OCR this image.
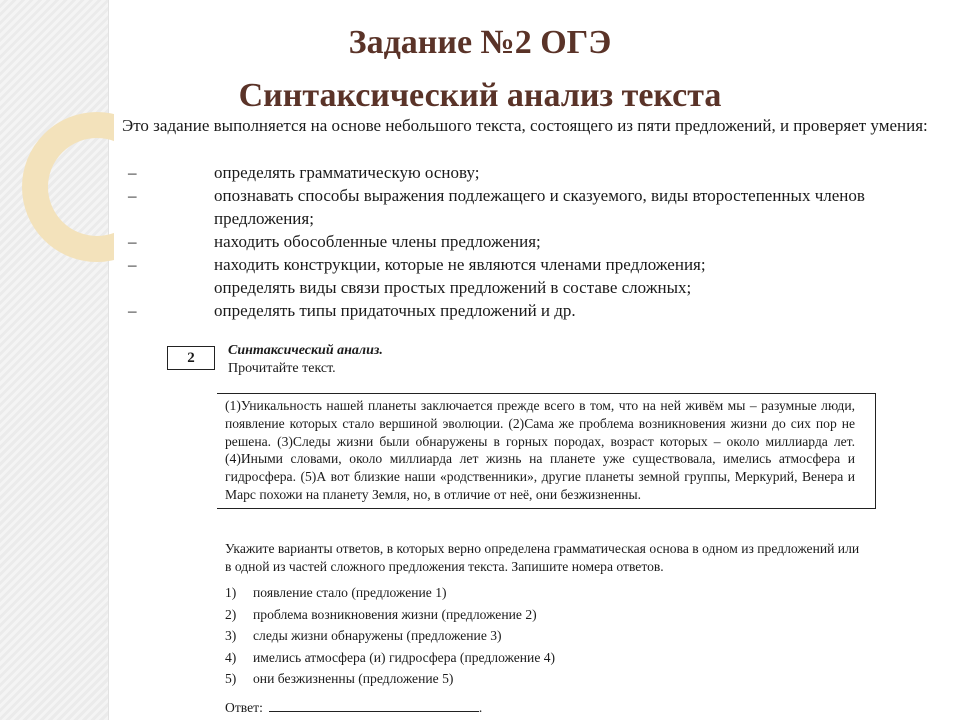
Задание №2 ОГЭ
Синтаксический анализ текста

Это задание выполняется на основе небольшого текста, состоящего из пяти предложений, и проверяет умения:

–	определять грамматическую основу;
–	опознавать способы выражения подлежащего и сказуемого, виды второстепенных членов предложения;
–	находить обособленные члены предложения;
–	находить конструкции, которые не являются членами предложения;
определять виды связи простых предложений в составе сложных;
–	определять типы придаточных предложений и др.
2	Синтаксический анализ.
Прочитайте текст.

(1)Уникальность нашей планеты заключается прежде всего в том, что на ней живём мы – разумные люди, появление которых стало вершиной эволюции. (2)Сама же проблема возникновения жизни до сих пор не решена. (3)Следы жизни были обнаружены в горных породах, возраст которых – около миллиарда лет. (4)Иными словами, около миллиарда лет жизнь на планете уже существовала, имелись атмосфера и гидросфера. (5)А вот близкие наши «родственники», другие планеты земной группы, Меркурий, Венера и Марс похожи на планету Земля, но, в отличие от неё, они безжизненны.

Укажите варианты ответов, в которых верно определена грамматическая основа в одном из предложений или в одной из частей сложного предложения текста. Запишите номера ответов.

1) появление стало (предложение 1)
2) проблема возникновения жизни (предложение 2)
3) следы жизни обнаружены (предложение 3)
4) имелись атмосфера (и) гидросфера (предложение 4)
5) они безжизненны (предложение 5)
Ответ:	.
